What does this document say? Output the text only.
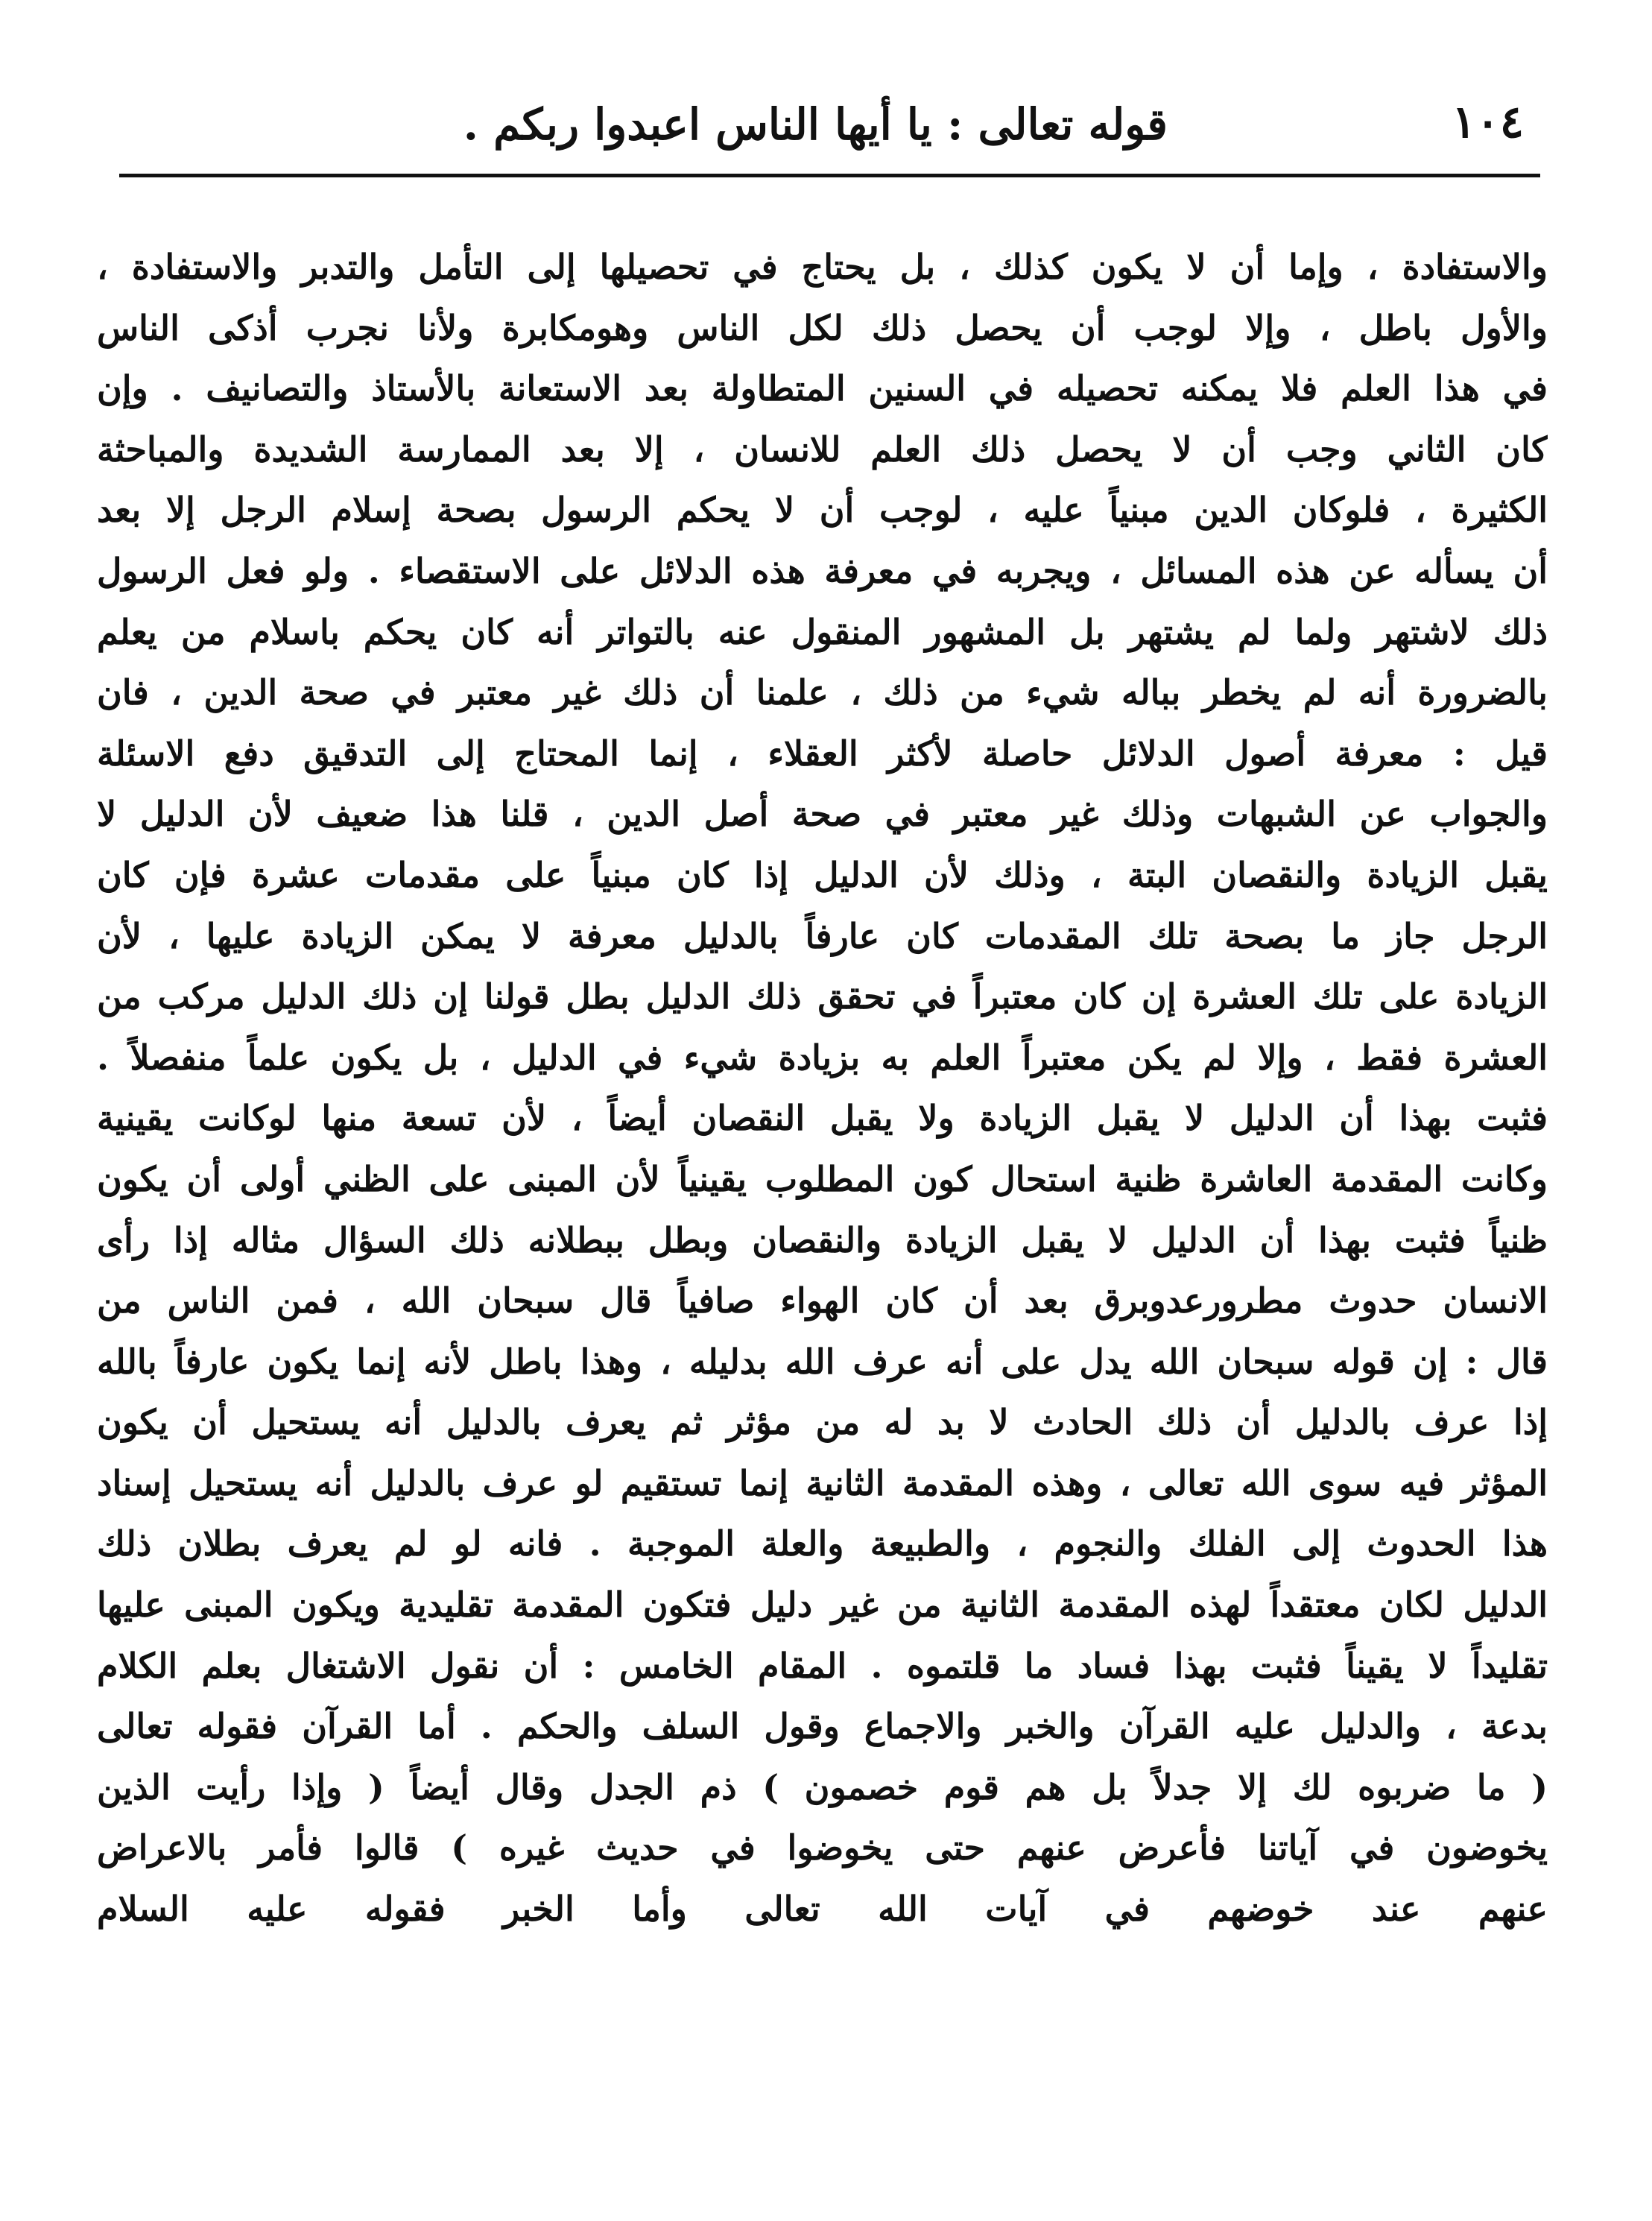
١٠٤
قوله تعالى : يا أيها الناس اعبدوا ربكم .
والاستفادة ، وإما أن لا يكون كذلك ، بل يحتاج في تحصيلها إلى التأمل والتدبر والاستفادة ،
والأول باطل ، وإلا لوجب أن يحصل ذلك لكل الناس وهومكابرة ولأنا نجرب أذكى الناس
في هذا العلم فلا يمكنه تحصيله في السنين المتطاولة بعد الاستعانة بالأستاذ والتصانيف . وإن
كان الثاني وجب أن لا يحصل ذلك العلم للانسان ، إلا بعد الممارسة الشديدة والمباحثة
الكثيرة ، فلوكان الدين مبنياً عليه ، لوجب أن لا يحكم الرسول بصحة إسلام الرجل إلا بعد
أن يسأله عن هذه المسائل ، ويجربه في معرفة هذه الدلائل على الاستقصاء . ولو فعل الرسول
ذلك لاشتهر ولما لم يشتهر بل المشهور المنقول عنه بالتواتر أنه كان يحكم باسلام من يعلم
بالضرورة أنه لم يخطر بباله شيء من ذلك ، علمنا أن ذلك غير معتبر في صحة الدين ، فان
قيل : معرفة أصول الدلائل حاصلة لأكثر العقلاء ، إنما المحتاج إلى التدقيق دفع الاسئلة
والجواب عن الشبهات وذلك غير معتبر في صحة أصل الدين ، قلنا هذا ضعيف لأن الدليل لا
يقبل الزيادة والنقصان البتة ، وذلك لأن الدليل إذا كان مبنياً على مقدمات عشرة فإن كان
الرجل جاز ما بصحة تلك المقدمات كان عارفاً بالدليل معرفة لا يمكن الزيادة عليها ، لأن
الزيادة على تلك العشرة إن كان معتبراً في تحقق ذلك الدليل بطل قولنا إن ذلك الدليل مركب من
العشرة فقط ، وإلا لم يكن معتبراً العلم به بزيادة شيء في الدليل ، بل يكون علماً منفصلاً .
فثبت بهذا أن الدليل لا يقبل الزيادة ولا يقبل النقصان أيضاً ، لأن تسعة منها لوكانت يقينية
وكانت المقدمة العاشرة ظنية استحال كون المطلوب يقينياً لأن المبنى على الظني أولى أن يكون
ظنياً فثبت بهذا أن الدليل لا يقبل الزيادة والنقصان وبطل ببطلانه ذلك السؤال مثاله إذا رأى
الانسان حدوث مطرورعدوبرق بعد أن كان الهواء صافياً قال سبحان الله ، فمن الناس من
قال : إن قوله سبحان الله يدل على أنه عرف الله بدليله ، وهذا باطل لأنه إنما يكون عارفاً بالله
إذا عرف بالدليل أن ذلك الحادث لا بد له من مؤثر ثم يعرف بالدليل أنه يستحيل أن يكون
المؤثر فيه سوى الله تعالى ، وهذه المقدمة الثانية إنما تستقيم لو عرف بالدليل أنه يستحيل إسناد
هذا الحدوث إلى الفلك والنجوم ، والطبيعة والعلة الموجبة . فانه لو لم يعرف بطلان ذلك
الدليل لكان معتقداً لهذه المقدمة الثانية من غير دليل فتكون المقدمة تقليدية ويكون المبنى عليها
تقليداً لا يقيناً فثبت بهذا فساد ما قلتموه . المقام الخامس : أن نقول الاشتغال بعلم الكلام
بدعة ، والدليل عليه القرآن والخبر والاجماع وقول السلف والحكم . أما القرآن فقوله تعالى
( ما ضربوه لك إلا جدلاً بل هم قوم خصمون ) ذم الجدل وقال أيضاً ( وإذا رأيت الذين
يخوضون في آياتنا فأعرض عنهم حتى يخوضوا في حديث غيره ) قالوا فأمر بالاعراض
عنهم عند خوضهم في آيات الله تعالى وأما الخبر فقوله عليه السلام
